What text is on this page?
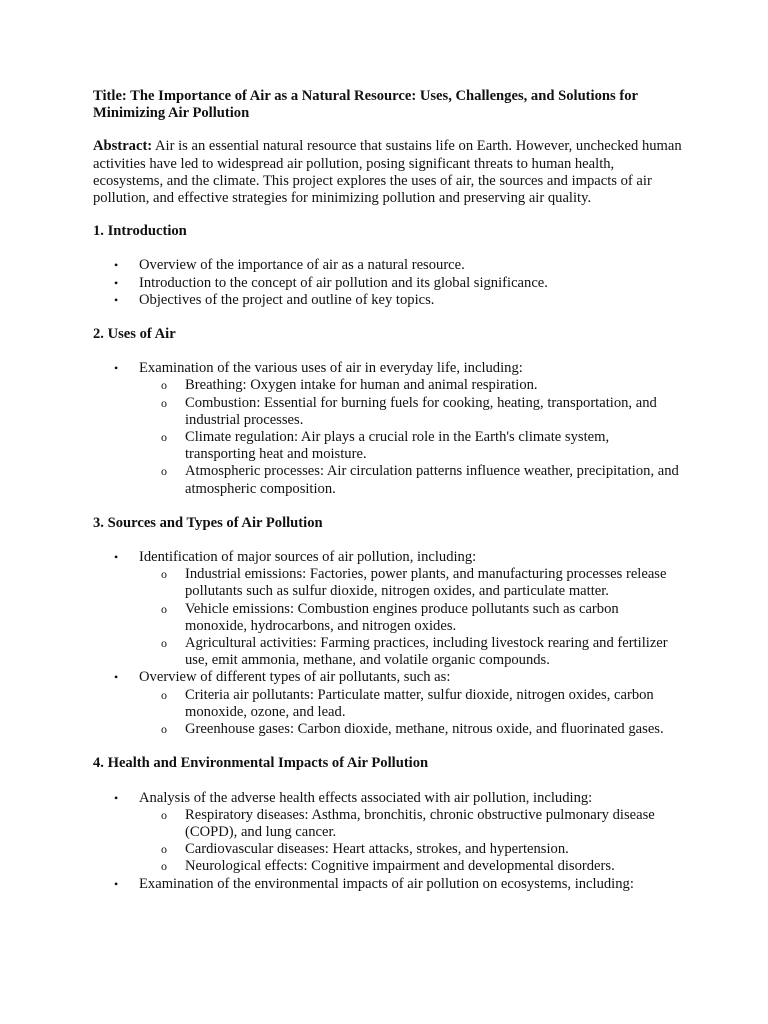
Title: The Importance of Air as a Natural Resource: Uses, Challenges, and Solutions for Minimizing Air Pollution
Abstract: Air is an essential natural resource that sustains life on Earth. However, unchecked human activities have led to widespread air pollution, posing significant threats to human health, ecosystems, and the climate. This project explores the uses of air, the sources and impacts of air pollution, and effective strategies for minimizing pollution and preserving air quality.
1. Introduction
• Overview of the importance of air as a natural resource.
• Introduction to the concept of air pollution and its global significance.
• Objectives of the project and outline of key topics.
2. Uses of Air
• Examination of the various uses of air in everyday life, including:
o Breathing: Oxygen intake for human and animal respiration.
o Combustion: Essential for burning fuels for cooking, heating, transportation, and industrial processes.
o Climate regulation: Air plays a crucial role in the Earth's climate system, transporting heat and moisture.
o Atmospheric processes: Air circulation patterns influence weather, precipitation, and atmospheric composition.
3. Sources and Types of Air Pollution
• Identification of major sources of air pollution, including:
o Industrial emissions: Factories, power plants, and manufacturing processes release pollutants such as sulfur dioxide, nitrogen oxides, and particulate matter.
o Vehicle emissions: Combustion engines produce pollutants such as carbon monoxide, hydrocarbons, and nitrogen oxides.
o Agricultural activities: Farming practices, including livestock rearing and fertilizer use, emit ammonia, methane, and volatile organic compounds.
• Overview of different types of air pollutants, such as:
o Criteria air pollutants: Particulate matter, sulfur dioxide, nitrogen oxides, carbon monoxide, ozone, and lead.
o Greenhouse gases: Carbon dioxide, methane, nitrous oxide, and fluorinated gases.
4. Health and Environmental Impacts of Air Pollution
• Analysis of the adverse health effects associated with air pollution, including:
o Respiratory diseases: Asthma, bronchitis, chronic obstructive pulmonary disease (COPD), and lung cancer.
o Cardiovascular diseases: Heart attacks, strokes, and hypertension.
o Neurological effects: Cognitive impairment and developmental disorders.
• Examination of the environmental impacts of air pollution on ecosystems, including:
